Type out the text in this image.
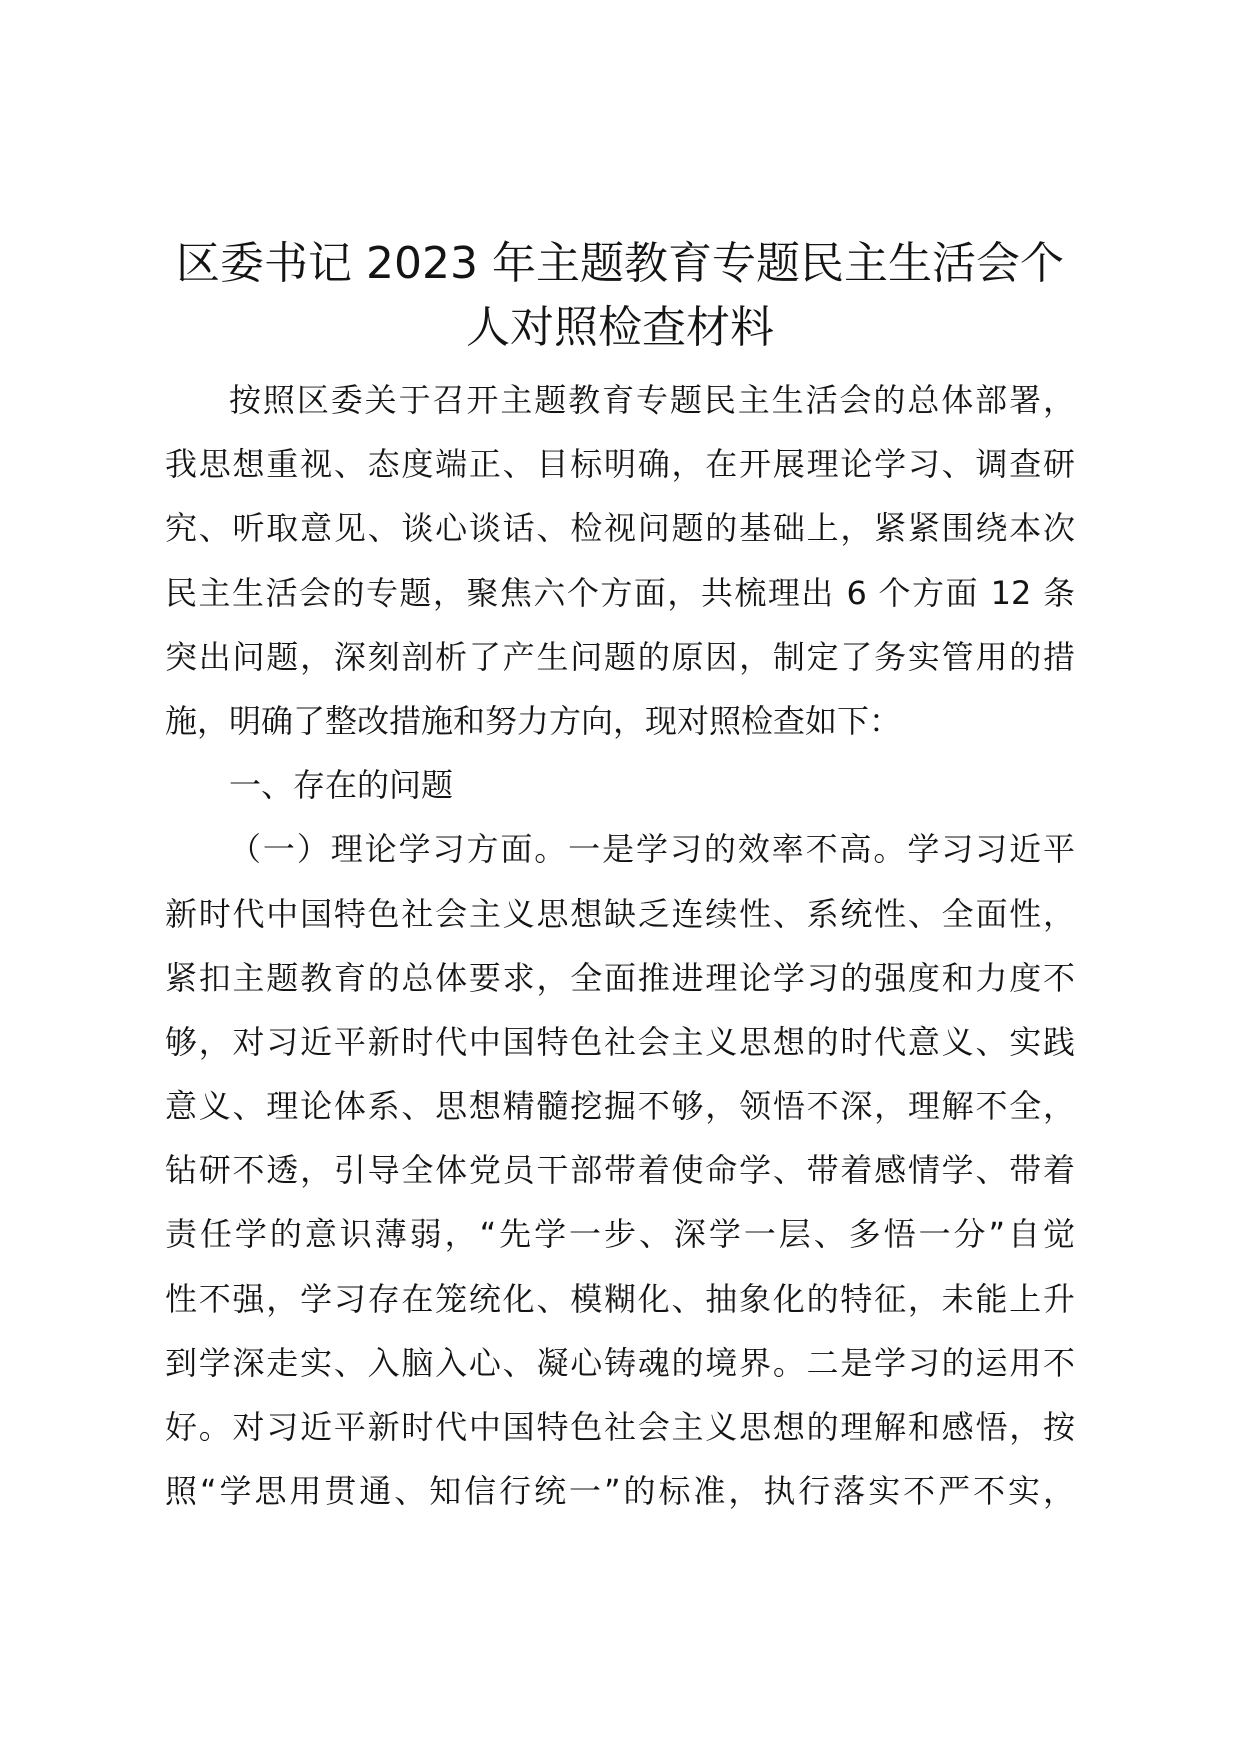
区委书记 2023 年主题教育专题民主生活会个
人对照检查材料
按照区委关于召开主题教育专题民主生活会的总体部署，
我思想重视、态度端正、目标明确，在开展理论学习、调查研
究、听取意见、谈心谈话、检视问题的基础上，紧紧围绕本次
民主生活会的专题，聚焦六个方面，共梳理出 6 个方面 12 条
突出问题，深刻剖析了产生问题的原因，制定了务实管用的措
施，明确了整改措施和努力方向，现对照检查如下：
一、存在的问题
（一）理论学习方面。一是学习的效率不高。学习习近平
新时代中国特色社会主义思想缺乏连续性、系统性、全面性，
紧扣主题教育的总体要求，全面推进理论学习的强度和力度不
够，对习近平新时代中国特色社会主义思想的时代意义、实践
意义、理论体系、思想精髓挖掘不够，领悟不深，理解不全，
钻研不透，引导全体党员干部带着使命学、带着感情学、带着
责任学的意识薄弱，“先学一步、深学一层、多悟一分”自觉
性不强，学习存在笼统化、模糊化、抽象化的特征，未能上升
到学深走实、入脑入心、凝心铸魂的境界。二是学习的运用不
好。对习近平新时代中国特色社会主义思想的理解和感悟，按
照“学思用贯通、知信行统一”的标准，执行落实不严不实，
